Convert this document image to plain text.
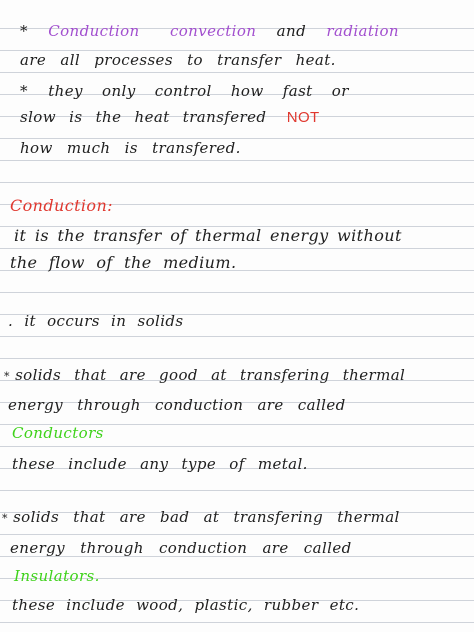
* Conduction convection and radiation
are all processes to transfer heat.
* they only control how fast or
slow is the heat transfered NOT
how much is transfered.
Conduction:
it is the transfer of thermal energy without
the flow of the medium.
. it occurs in solids
* solids that are good at transfering thermal
energy through conduction are called
Conductors
these include any type of metal.
* solids that are bad at transfering thermal
energy through conduction are called
Insulators.
these include wood, plastic, rubber etc.
